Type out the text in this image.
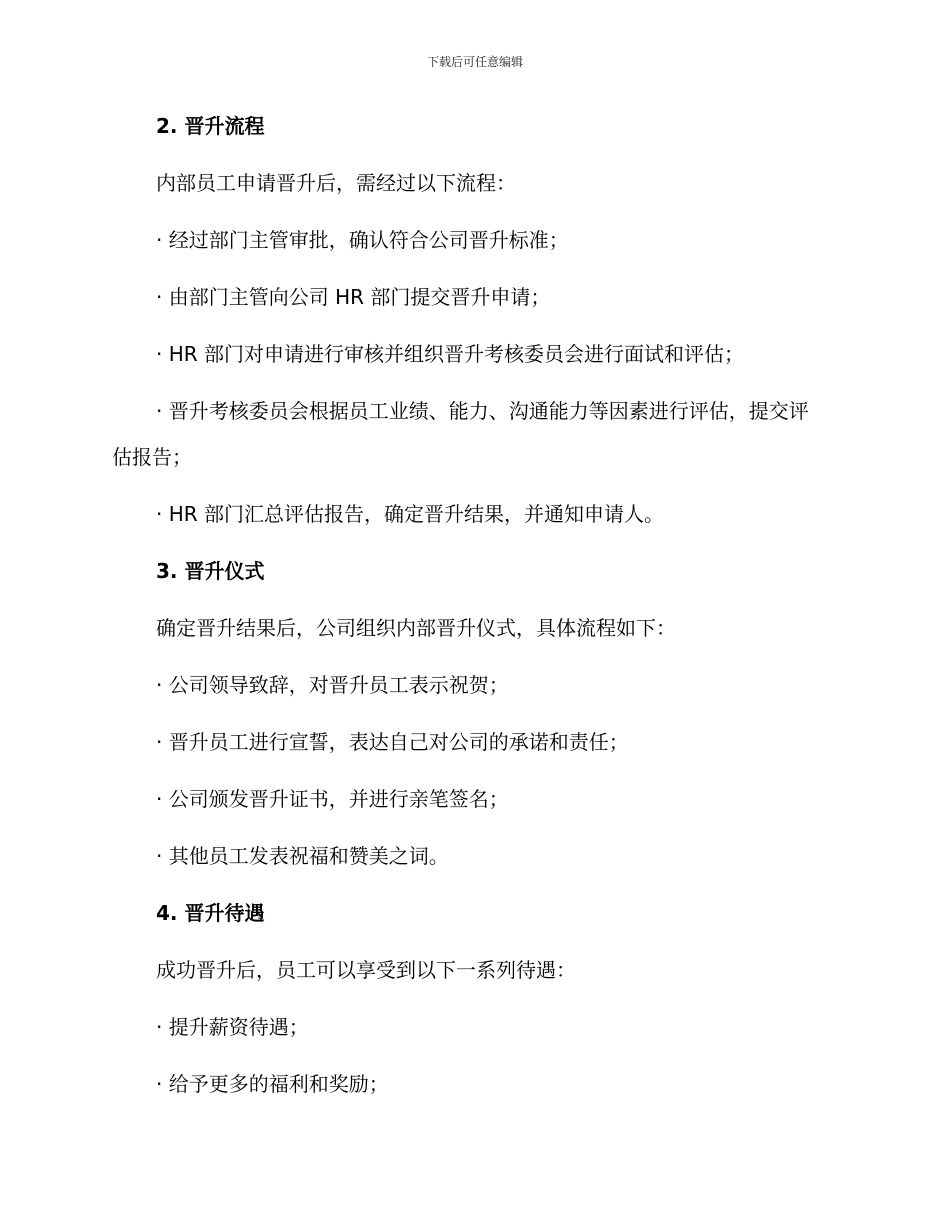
下载后可任意编辑
2. 晋升流程
内部员工申请晋升后，需经过以下流程：
· 经过部门主管审批，确认符合公司晋升标准；
· 由部门主管向公司 HR 部门提交晋升申请；
· HR 部门对申请进行审核并组织晋升考核委员会进行面试和评估；
· 晋升考核委员会根据员工业绩、能力、沟通能力等因素进行评估，提交评估报告；
· HR 部门汇总评估报告，确定晋升结果，并通知申请人。
3. 晋升仪式
确定晋升结果后，公司组织内部晋升仪式，具体流程如下：
· 公司领导致辞，对晋升员工表示祝贺；
· 晋升员工进行宣誓，表达自己对公司的承诺和责任；
· 公司颁发晋升证书，并进行亲笔签名；
· 其他员工发表祝福和赞美之词。
4. 晋升待遇
成功晋升后，员工可以享受到以下一系列待遇：
· 提升薪资待遇；
· 给予更多的福利和奖励；
